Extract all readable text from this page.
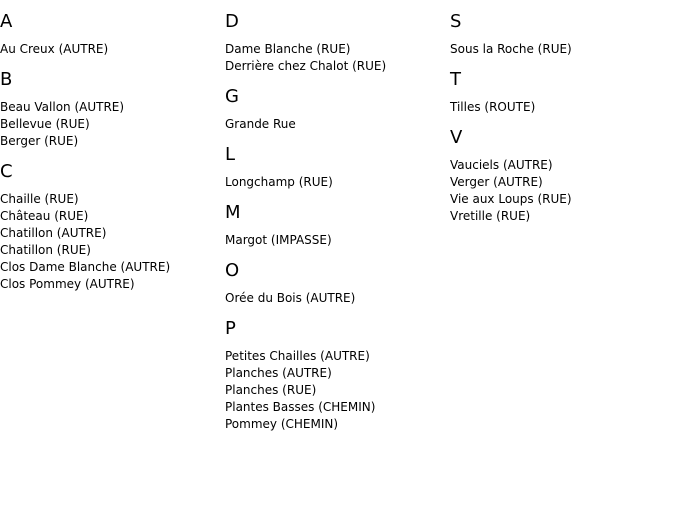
A
Au Creux (AUTRE)
B
Beau Vallon (AUTRE)
Bellevue (RUE)
Berger (RUE)
C
Chaille (RUE)
Château (RUE)
Chatillon (AUTRE)
Chatillon (RUE)
Clos Dame Blanche (AUTRE)
Clos Pommey (AUTRE)
D
Dame Blanche (RUE)
Derrière chez Chalot (RUE)
G
Grande Rue
L
Longchamp (RUE)
M
Margot (IMPASSE)
O
Orée du Bois (AUTRE)
P
Petites Chailles (AUTRE)
Planches (AUTRE)
Planches (RUE)
Plantes Basses (CHEMIN)
Pommey (CHEMIN)
S
Sous la Roche (RUE)
T
Tilles (ROUTE)
V
Vauciels (AUTRE)
Verger (AUTRE)
Vie aux Loups (RUE)
Vretille (RUE)
